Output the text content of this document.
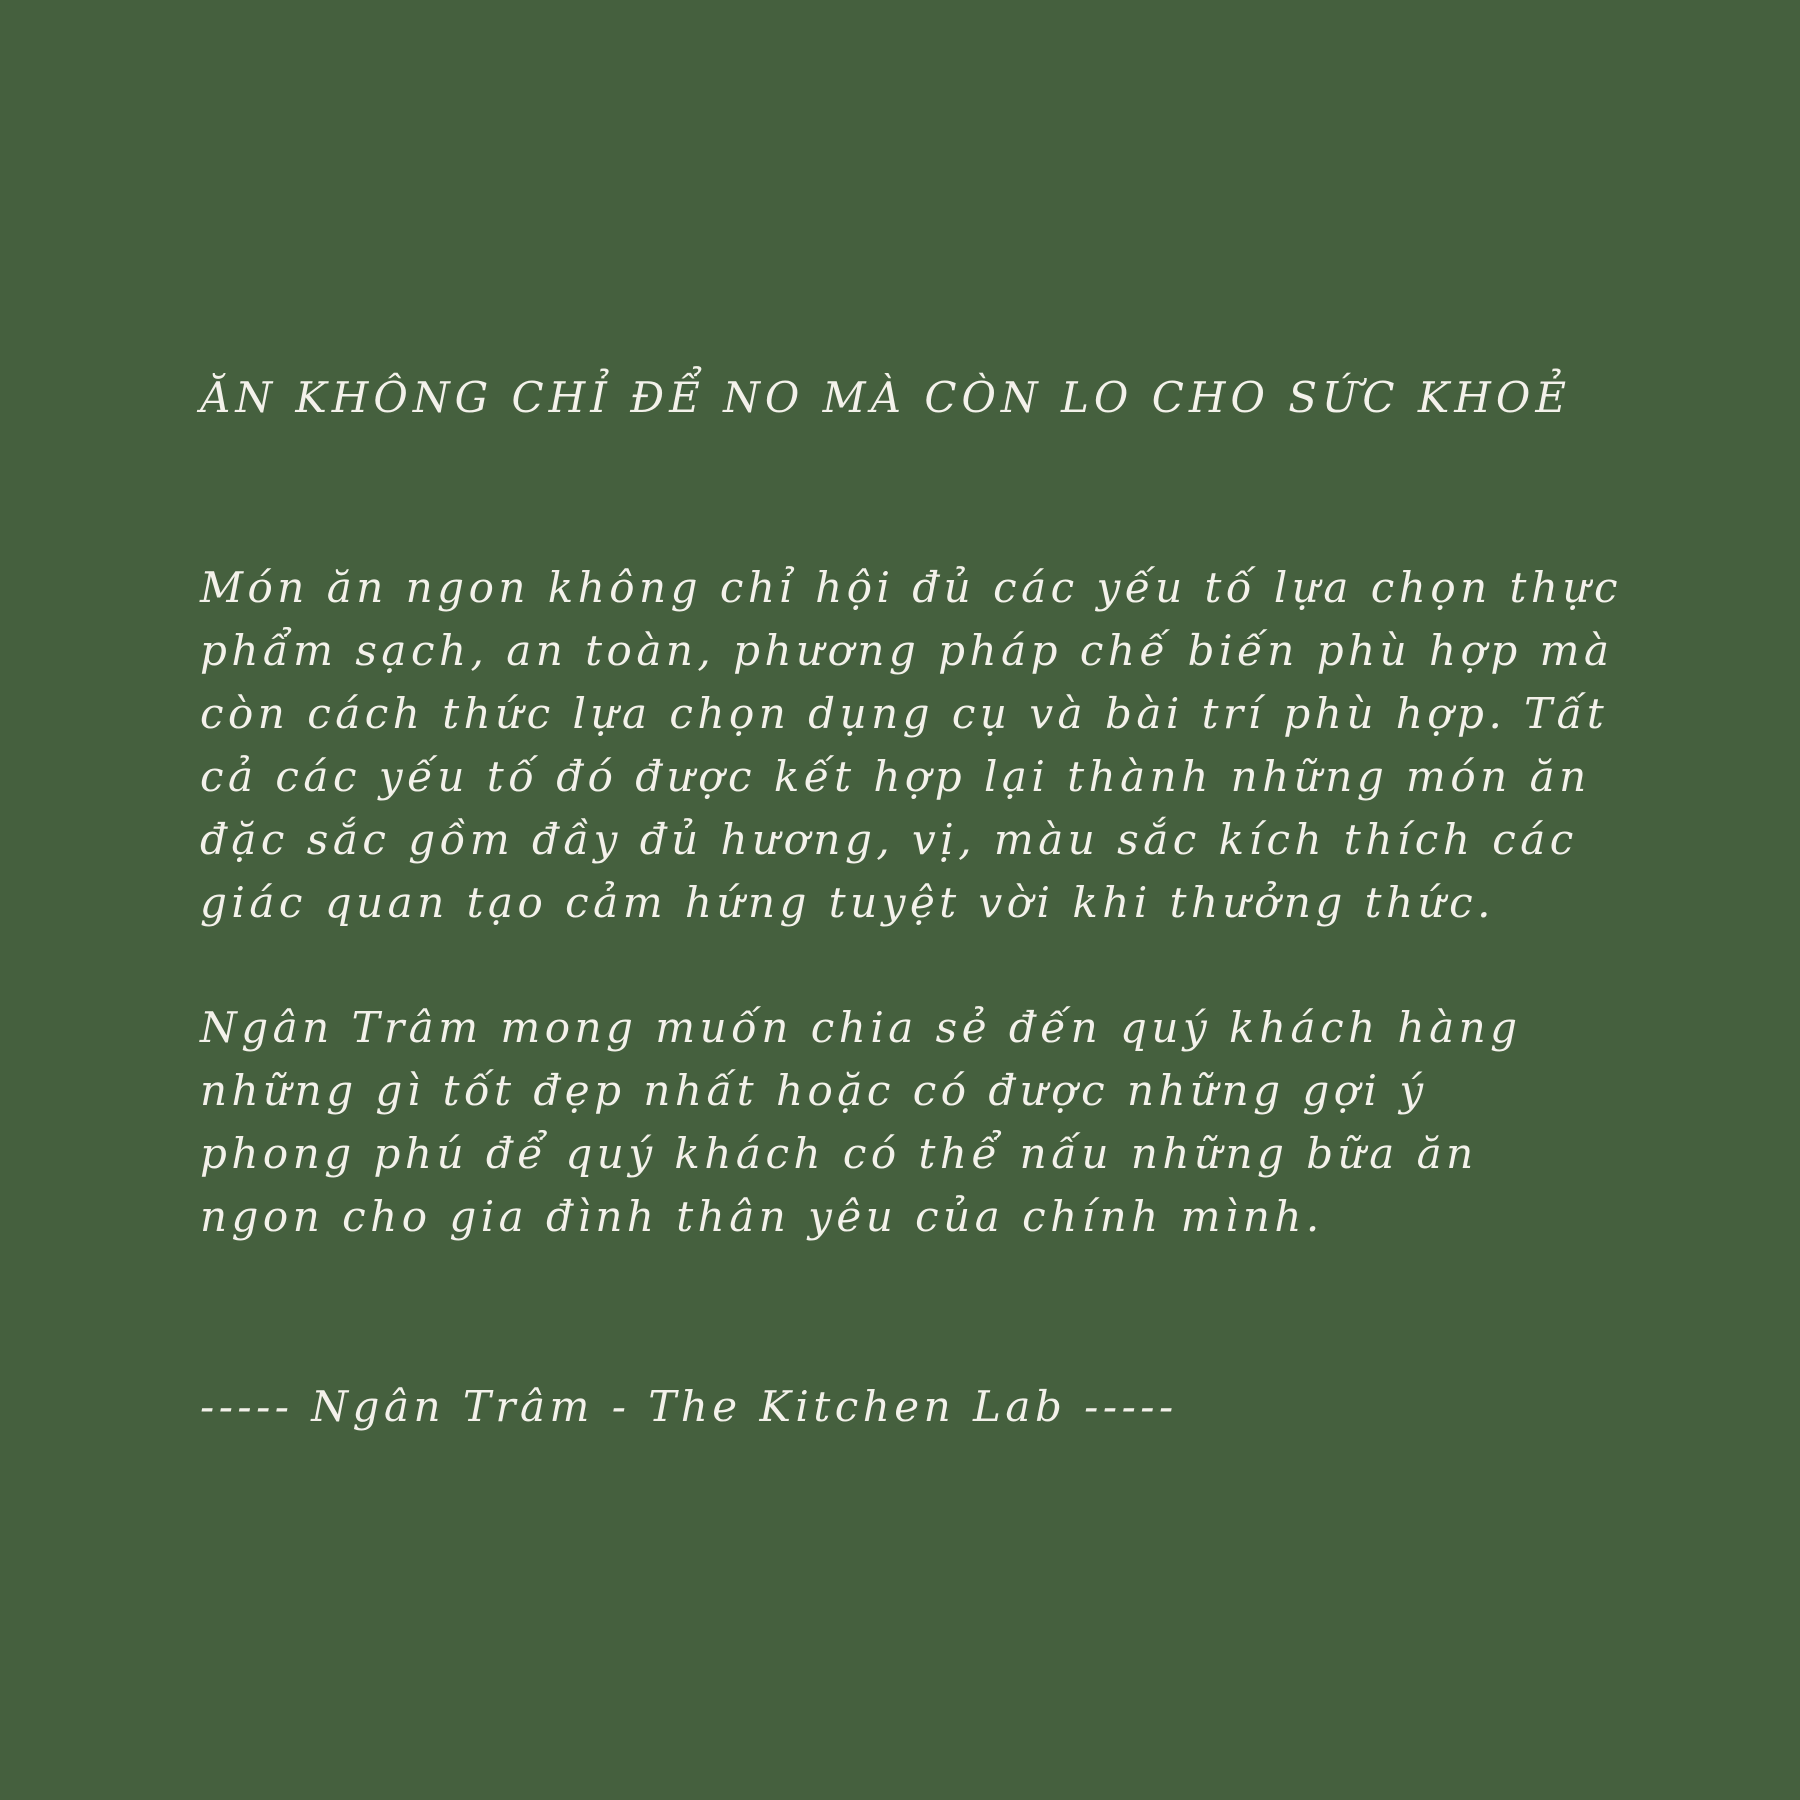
ĂN KHÔNG CHỈ ĐỂ NO MÀ CÒN LO CHO SỨC KHOẺ

Món ăn ngon không chỉ hội đủ các yếu tố lựa chọn thực
phẩm sạch, an toàn, phương pháp chế biến phù hợp mà
còn cách thức lựa chọn dụng cụ và bài trí phù hợp. Tất
cả các yếu tố đó được kết hợp lại thành những món ăn
đặc sắc gồm đầy đủ hương, vị, màu sắc kích thích các
giác quan tạo cảm hứng tuyệt vời khi thưởng thức.

Ngân Trâm mong muốn chia sẻ đến quý khách hàng
những gì tốt đẹp nhất hoặc có được những gợi ý
phong phú để quý khách có thể nấu những bữa ăn
ngon cho gia đình thân yêu của chính mình.

----- Ngân Trâm - The Kitchen Lab -----
